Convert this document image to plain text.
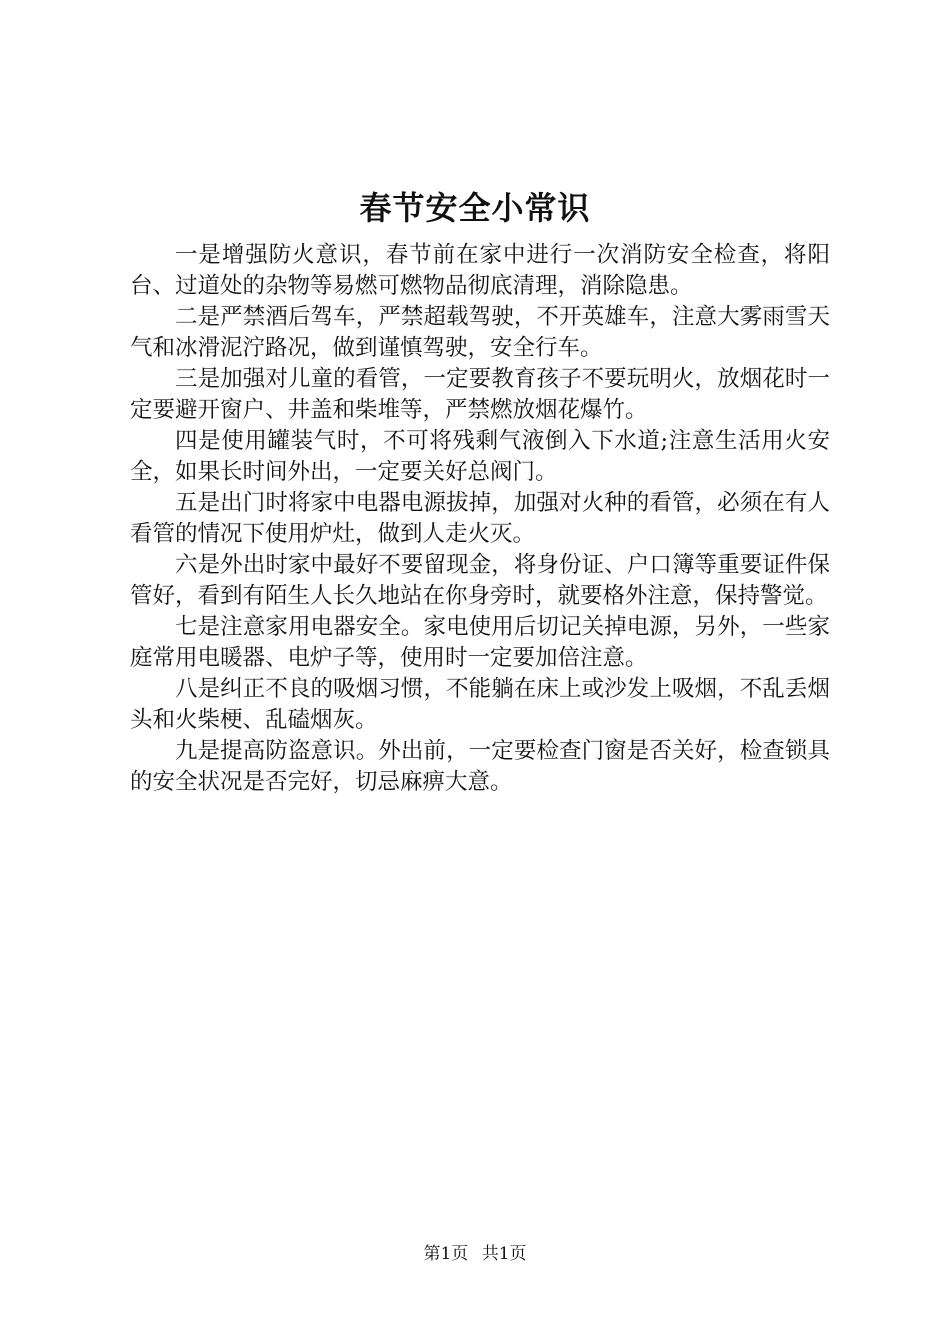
春节安全小常识

一是增强防火意识，春节前在家中进行一次消防安全检查，将阳台、过道处的杂物等易燃可燃物品彻底清理，消除隐患。

二是严禁酒后驾车，严禁超载驾驶，不开英雄车，注意大雾雨雪天气和冰滑泥泞路况，做到谨慎驾驶，安全行车。

三是加强对儿童的看管，一定要教育孩子不要玩明火，放烟花时一定要避开窗户、井盖和柴堆等，严禁燃放烟花爆竹。

四是使用罐装气时，不可将残剩气液倒入下水道;注意生活用火安全，如果长时间外出，一定要关好总阀门。

五是出门时将家中电器电源拔掉，加强对火种的看管，必须在有人看管的情况下使用炉灶，做到人走火灭。

六是外出时家中最好不要留现金，将身份证、户口簿等重要证件保管好，看到有陌生人长久地站在你身旁时，就要格外注意，保持警觉。

七是注意家用电器安全。家电使用后切记关掉电源，另外，一些家庭常用电暖器、电炉子等，使用时一定要加倍注意。

八是纠正不良的吸烟习惯，不能躺在床上或沙发上吸烟，不乱丢烟头和火柴梗、乱磕烟灰。

九是提高防盗意识。外出前，一定要检查门窗是否关好，检查锁具的安全状况是否完好，切忌麻痹大意。

第1页 共1页
